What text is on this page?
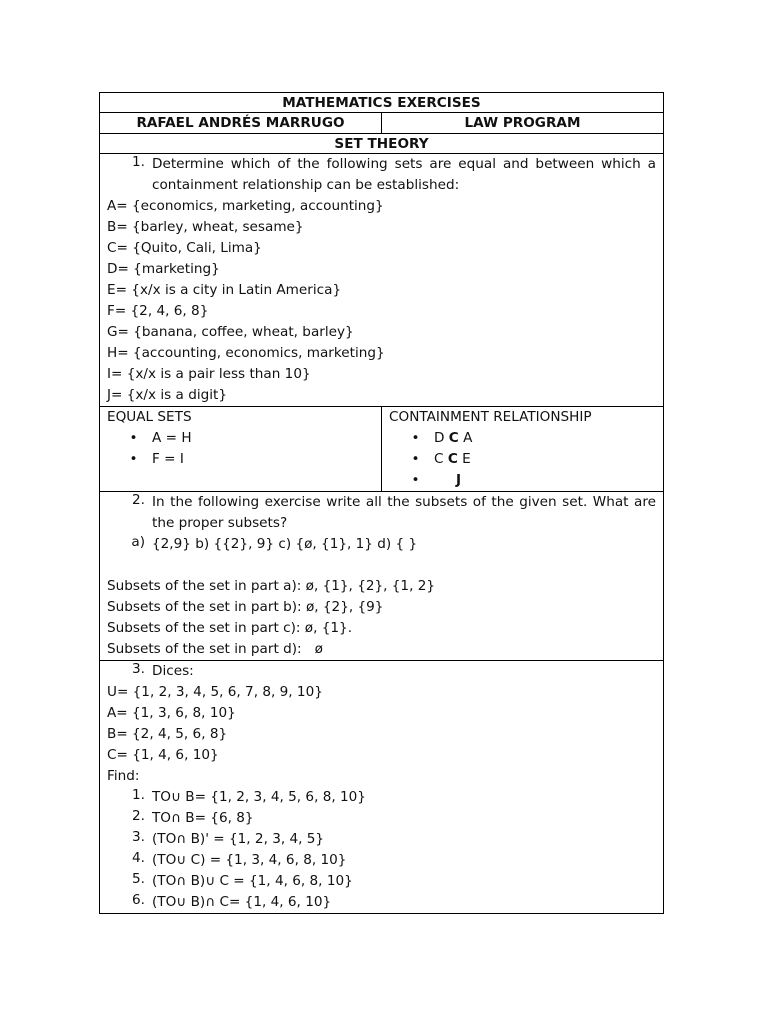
MATHEMATICS EXERCISES
RAFAEL ANDRÉS MARRUGO	LAW PROGRAM
SET THEORY
1. Determine which of the following sets are equal and between which a containment relationship can be established:
A= {economics, marketing, accounting}
B= {barley, wheat, sesame}
C= {Quito, Cali, Lima}
D= {marketing}
E= {x/x is a city in Latin America}
F= {2, 4, 6, 8}
G= {banana, coffee, wheat, barley}
H= {accounting, economics, marketing}
I= {x/x is a pair less than 10}
J= {x/x is a digit}
EQUAL SETS
•
A = H
•
F = I
CONTAINMENT RELATIONSHIP
•
D C A
•
C C E
•
J
2. In the following exercise write all the subsets of the given set. What are the proper subsets?
a) {2,9} b) {{2}, 9} c) {ø, {1}, 1} d) { }
Subsets of the set in part a): ø, {1}, {2}, {1, 2}
Subsets of the set in part b): ø, {2}, {9}
Subsets of the set in part c): ø, {1}.
Subsets of the set in part d):   ø
3. Dices:
U= {1, 2, 3, 4, 5, 6, 7, 8, 9, 10}
A= {1, 3, 6, 8, 10}
B= {2, 4, 5, 6, 8}
C= {1, 4, 6, 10}
Find:
1. TO∪ B= {1, 2, 3, 4, 5, 6, 8, 10}
2. TO∩ B= {6, 8}
3. (TO∩ B)' = {1, 2, 3, 4, 5}
4. (TO∪ C) = {1, 3, 4, 6, 8, 10}
5. (TO∩ B)∪ C = {1, 4, 6, 8, 10}
6. (TO∪ B)∩ C= {1, 4, 6, 10}
